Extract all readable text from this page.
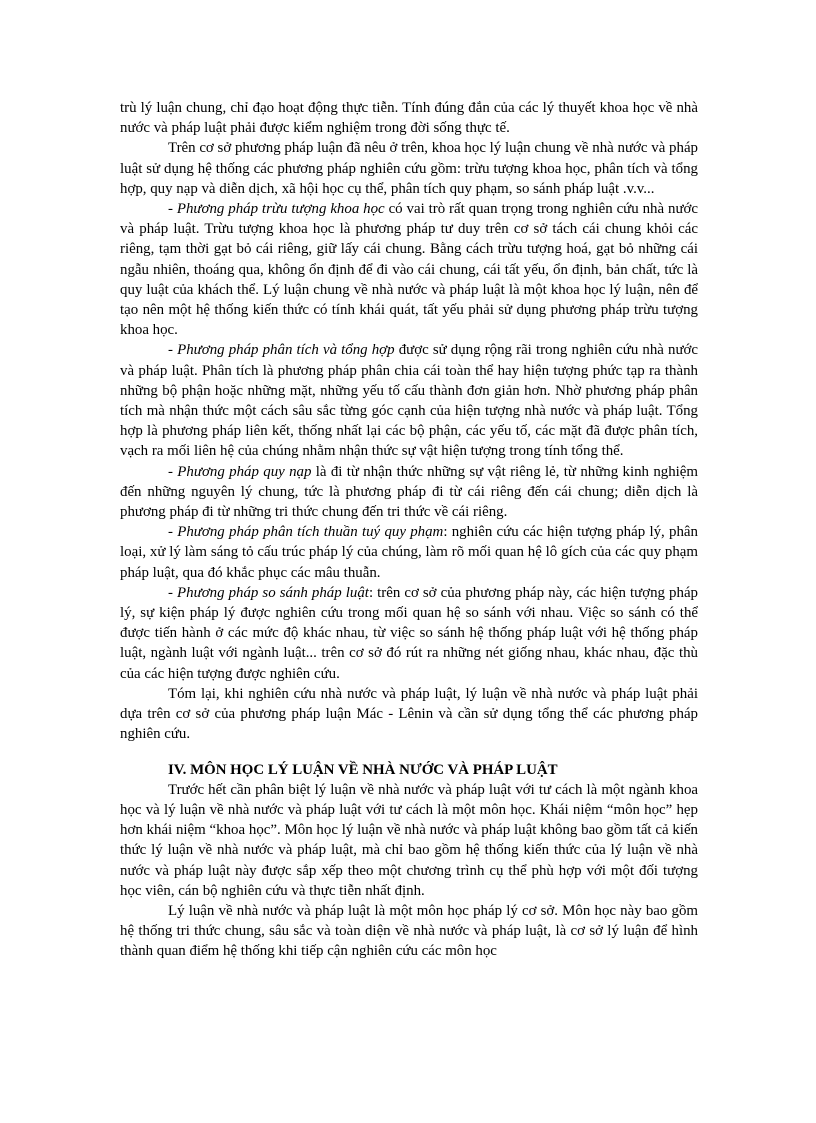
trù lý luận chung, chỉ đạo hoạt động thực tiễn. Tính đúng đắn của các lý thuyết khoa học về nhà nước và pháp luật phải được kiểm nghiệm trong đời sống thực tế.

Trên cơ sở phương pháp luận đã nêu ở trên, khoa học lý luận chung về nhà nước và pháp luật sử dụng hệ thống các phương pháp nghiên cứu gồm: trừu tượng khoa học, phân tích và tổng hợp, quy nạp và diễn dịch, xã hội học cụ thể, phân tích quy phạm, so sánh pháp luật .v.v...

- Phương pháp trừu tượng khoa học có vai trò rất quan trọng trong nghiên cứu nhà nước và pháp luật. Trừu tượng khoa học là phương pháp tư duy trên cơ sở tách cái chung khỏi các riêng, tạm thời gạt bỏ cái riêng, giữ lấy cái chung. Bằng cách trừu tượng hoá, gạt bỏ những cái ngẫu nhiên, thoáng qua, không ổn định để đi vào cái chung, cái tất yếu, ổn định, bản chất, tức là quy luật của khách thể. Lý luận chung về nhà nước và pháp luật là một khoa học lý luận, nên để tạo nên một hệ thống kiến thức có tính khái quát, tất yếu phải sử dụng phương pháp trừu tượng khoa học.

- Phương pháp phân tích và tổng hợp được sử dụng rộng rãi trong nghiên cứu nhà nước và pháp luật. Phân tích là phương pháp phân chia cái toàn thể hay hiện tượng phức tạp ra thành những bộ phận hoặc những mặt, những yếu tố cấu thành đơn giản hơn. Nhờ phương pháp phân tích mà nhận thức một cách sâu sắc từng góc cạnh của hiện tượng nhà nước và pháp luật. Tổng hợp là phương pháp liên kết, thống nhất lại các bộ phận, các yếu tố, các mặt đã được phân tích, vạch ra mối liên hệ của chúng nhằm nhận thức sự vật hiện tượng trong tính tổng thể.

- Phương pháp quy nạp là đi từ nhận thức những sự vật riêng lẻ, từ những kinh nghiệm đến những nguyên lý chung, tức là phương pháp đi từ cái riêng đến cái chung; diễn dịch là phương pháp đi từ những tri thức chung đến tri thức về cái riêng.

- Phương pháp phân tích thuần tuý quy phạm: nghiên cứu các hiện tượng pháp lý, phân loại, xử lý làm sáng tỏ cấu trúc pháp lý của chúng, làm rõ mối quan hệ lô gích của các quy phạm pháp luật, qua đó khắc phục các mâu thuẫn.

- Phương pháp so sánh pháp luật: trên cơ sở của phương pháp này, các hiện tượng pháp lý, sự kiện pháp lý được nghiên cứu trong mối quan hệ so sánh với nhau. Việc so sánh có thể được tiến hành ở các mức độ khác nhau, từ việc so sánh hệ thống pháp luật với hệ thống pháp luật, ngành luật với ngành luật... trên cơ sở đó rút ra những nét giống nhau, khác nhau, đặc thù của các hiện tượng được nghiên cứu.

Tóm lại, khi nghiên cứu nhà nước và pháp luật, lý luận về nhà nước và pháp luật phải dựa trên cơ sở của phương pháp luận Mác - Lênin và cần sử dụng tổng thể các phương pháp nghiên cứu.

IV. MÔN HỌC LÝ LUẬN VỀ NHÀ NƯỚC VÀ PHÁP LUẬT

Trước hết cần phân biệt lý luận về nhà nước và pháp luật với tư cách là một ngành khoa học và lý luận về nhà nước và pháp luật với tư cách là một môn học. Khái niệm “môn học” hẹp hơn khái niệm “khoa học”. Môn học lý luận về nhà nước và pháp luật không bao gồm tất cả kiến thức lý luận về nhà nước và pháp luật, mà chỉ bao gồm hệ thống kiến thức của lý luận về nhà nước và pháp luật này được sắp xếp theo một chương trình cụ thể phù hợp với một đối tượng học viên, cán bộ nghiên cứu và thực tiễn nhất định.

Lý luận về nhà nước và pháp luật là một môn học pháp lý cơ sở. Môn học này bao gồm hệ thống tri thức chung, sâu sắc và toàn diện về nhà nước và pháp luật, là cơ sở lý luận để hình thành quan điểm hệ thống khi tiếp cận nghiên cứu các môn học
